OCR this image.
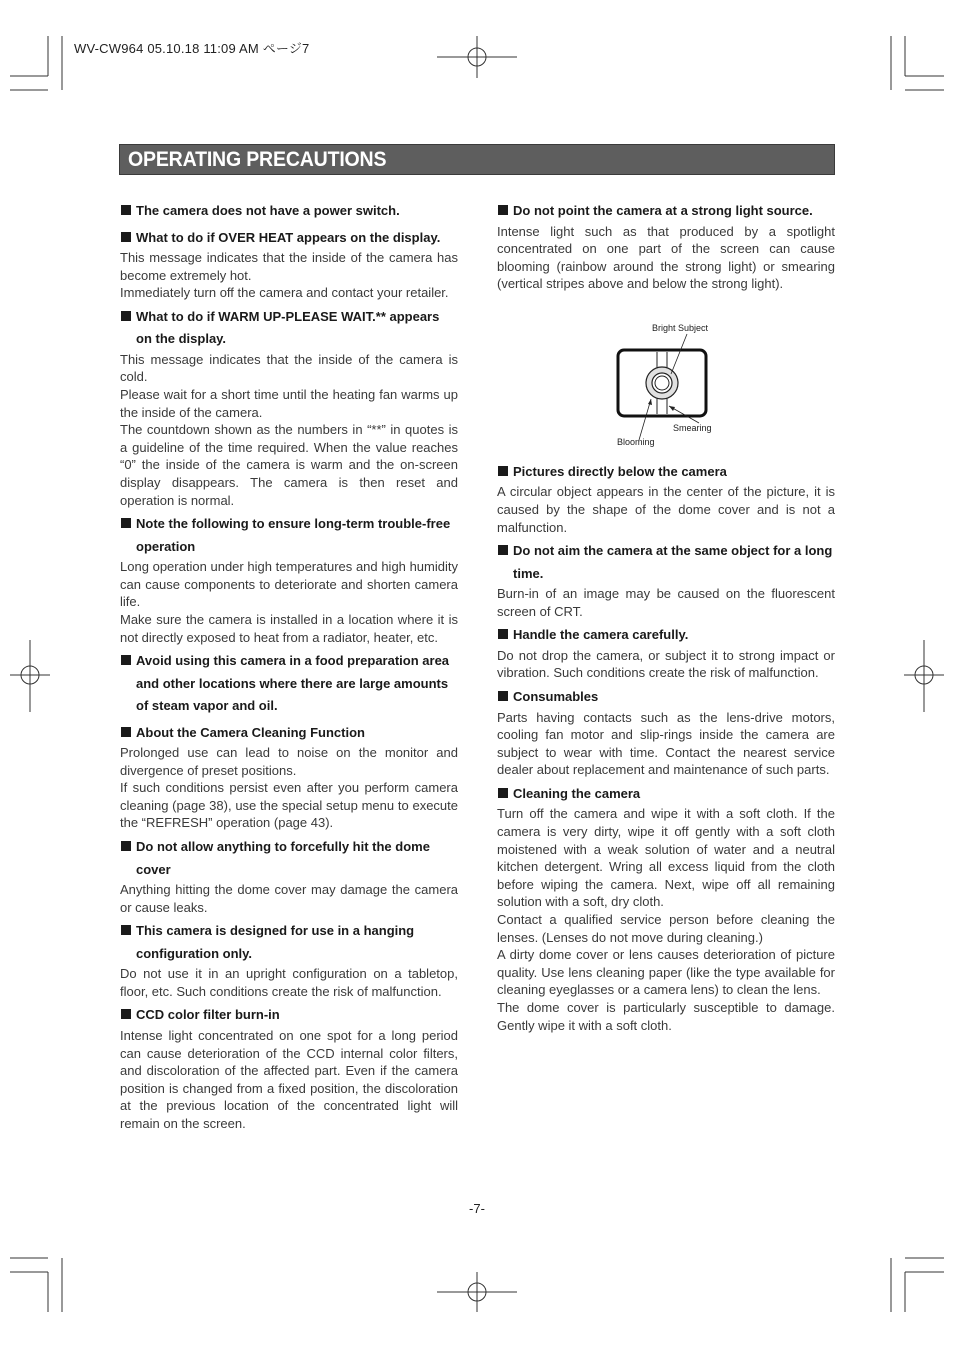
WV-CW964 05.10.18 11:09 AM ページ7
OPERATING PRECAUTIONS

The camera does not have a power switch.

What to do if OVER HEAT appears on the display.

This message indicates that the inside of the camera has become extremely hot.

Immediately turn off the camera and contact your retailer.

What to do if WARM UP-PLEASE WAIT.** appears on the display.

This message indicates that the inside of the camera is cold.

Please wait for a short time until the heating fan warms up the inside of the camera.

The countdown shown as the numbers in “**” in quotes is a guideline of the time required. When the value reaches “0” the inside of the camera is warm and the on-screen display disappears. The camera is then reset and operation is normal.

Note the following to ensure long-term trouble-free operation

Long operation under high temperatures and high humidity can cause components to deteriorate and shorten camera life.

Make sure the camera is installed in a location where it is not directly exposed to heat from a radiator, heater, etc.

Avoid using this camera in a food preparation area and other locations where there are large amounts of steam vapor and oil.

About the Camera Cleaning Function

Prolonged use can lead to noise on the monitor and divergence of preset positions.

If such conditions persist even after you perform camera cleaning (page 38), use the special setup menu to execute the “REFRESH” operation (page 43).

Do not allow anything to forcefully hit the dome cover

Anything hitting the dome cover may damage the camera or cause leaks.

This camera is designed for use in a hanging configuration only.

Do not use it in an upright configuration on a tabletop, floor, etc. Such conditions create the risk of malfunction.

CCD color filter burn-in

Intense light concentrated on one spot for a long period can cause deterioration of the CCD internal color filters, and discoloration of the affected part. Even if the camera position is changed from a fixed position, the discoloration at the previous location of the concentrated light will remain on the screen.

Do not point the camera at a strong light source.

Intense light such as that produced by a spotlight concentrated on one part of the screen can cause blooming (rainbow around the strong light) or smearing (vertical stripes above and below the strong light).

Bright Subject
Smearing
Blooming

Pictures directly below the camera

A circular object appears in the center of the picture, it is caused by the shape of the dome cover and is not a malfunction.

Do not aim the camera at the same object for a long time.

Burn-in of an image may be caused on the fluorescent screen of CRT.

Handle the camera carefully.

Do not drop the camera, or subject it to strong impact or vibration. Such conditions create the risk of malfunction.

Consumables

Parts having contacts such as the lens-drive motors, cooling fan motor and slip-rings inside the camera are subject to wear with time. Contact the nearest service dealer about replacement and maintenance of such parts.

Cleaning the camera

Turn off the camera and wipe it with a soft cloth. If the camera is very dirty, wipe it off gently with a soft cloth moistened with a weak solution of water and a neutral kitchen detergent. Wring all excess liquid from the cloth before wiping the camera. Next, wipe off all remaining solution with a soft, dry cloth.

Contact a qualified service person before cleaning the lenses. (Lenses do not move during cleaning.)

A dirty dome cover or lens causes deterioration of picture quality. Use lens cleaning paper (like the type available for cleaning eyeglasses or a camera lens) to clean the lens.

The dome cover is particularly susceptible to damage. Gently wipe it with a soft cloth.

-7-
